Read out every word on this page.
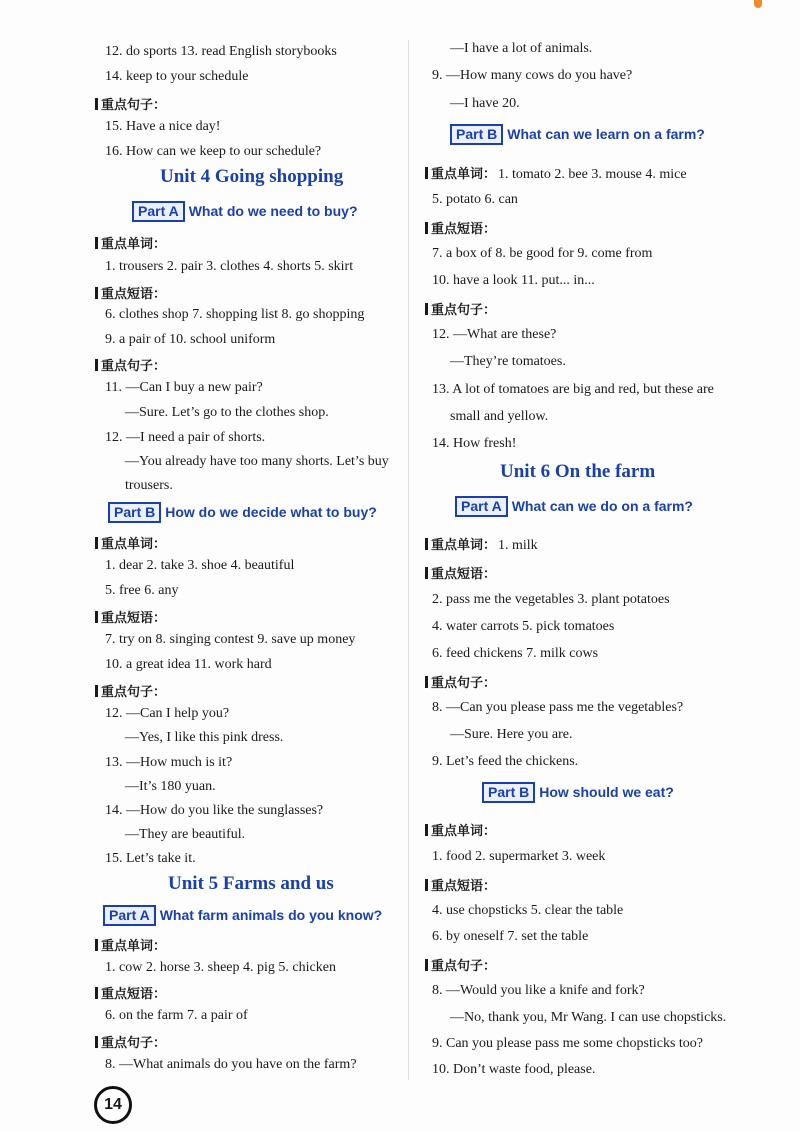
12. do sports 13. read English storybooks
14. keep to your schedule
重点句子：
15. Have a nice day!
16. How can we keep to our schedule?
Unit 4 Going shopping
Part A What do we need to buy?
重点单词：
1. trousers 2. pair 3. clothes 4. shorts 5. skirt
重点短语：
6. clothes shop 7. shopping list 8. go shopping
9. a pair of 10. school uniform
重点句子：
11. —Can I buy a new pair?
—Sure. Let’s go to the clothes shop.
12. —I need a pair of shorts.
—You already have too many shorts. Let’s buy
trousers.
Part B How do we decide what to buy?
重点单词：
1. dear 2. take 3. shoe 4. beautiful
5. free 6. any
重点短语：
7. try on 8. singing contest 9. save up money
10. a great idea 11. work hard
重点句子：
12. —Can I help you?
—Yes, I like this pink dress.
13. —How much is it?
—It’s 180 yuan.
14. —How do you like the sunglasses?
—They are beautiful.
15. Let’s take it.
Unit 5 Farms and us
Part A What farm animals do you know?
重点单词：
1. cow 2. horse 3. sheep 4. pig 5. chicken
重点短语：
6. on the farm 7. a pair of
重点句子：
8. —What animals do you have on the farm?
—I have a lot of animals.
9. —How many cows do you have?
—I have 20.
Part B What can we learn on a farm?
重点单词： 1. tomato 2. bee 3. mouse 4. mice
5. potato 6. can
重点短语：
7. a box of 8. be good for 9. come from
10. have a look 11. put... in...
重点句子：
12. —What are these?
—They’re tomatoes.
13. A lot of tomatoes are big and red, but these are
small and yellow.
14. How fresh!
Unit 6 On the farm
Part A What can we do on a farm?
重点单词： 1. milk
重点短语：
2. pass me the vegetables 3. plant potatoes
4. water carrots 5. pick tomatoes
6. feed chickens 7. milk cows
重点句子：
8. —Can you please pass me the vegetables?
—Sure. Here you are.
9. Let’s feed the chickens.
Part B How should we eat?
重点单词：
1. food 2. supermarket 3. week
重点短语：
4. use chopsticks 5. clear the table
6. by oneself 7. set the table
重点句子：
8. —Would you like a knife and fork?
—No, thank you, Mr Wang. I can use chopsticks.
9. Can you please pass me some chopsticks too?
10. Don’t waste food, please.
14
